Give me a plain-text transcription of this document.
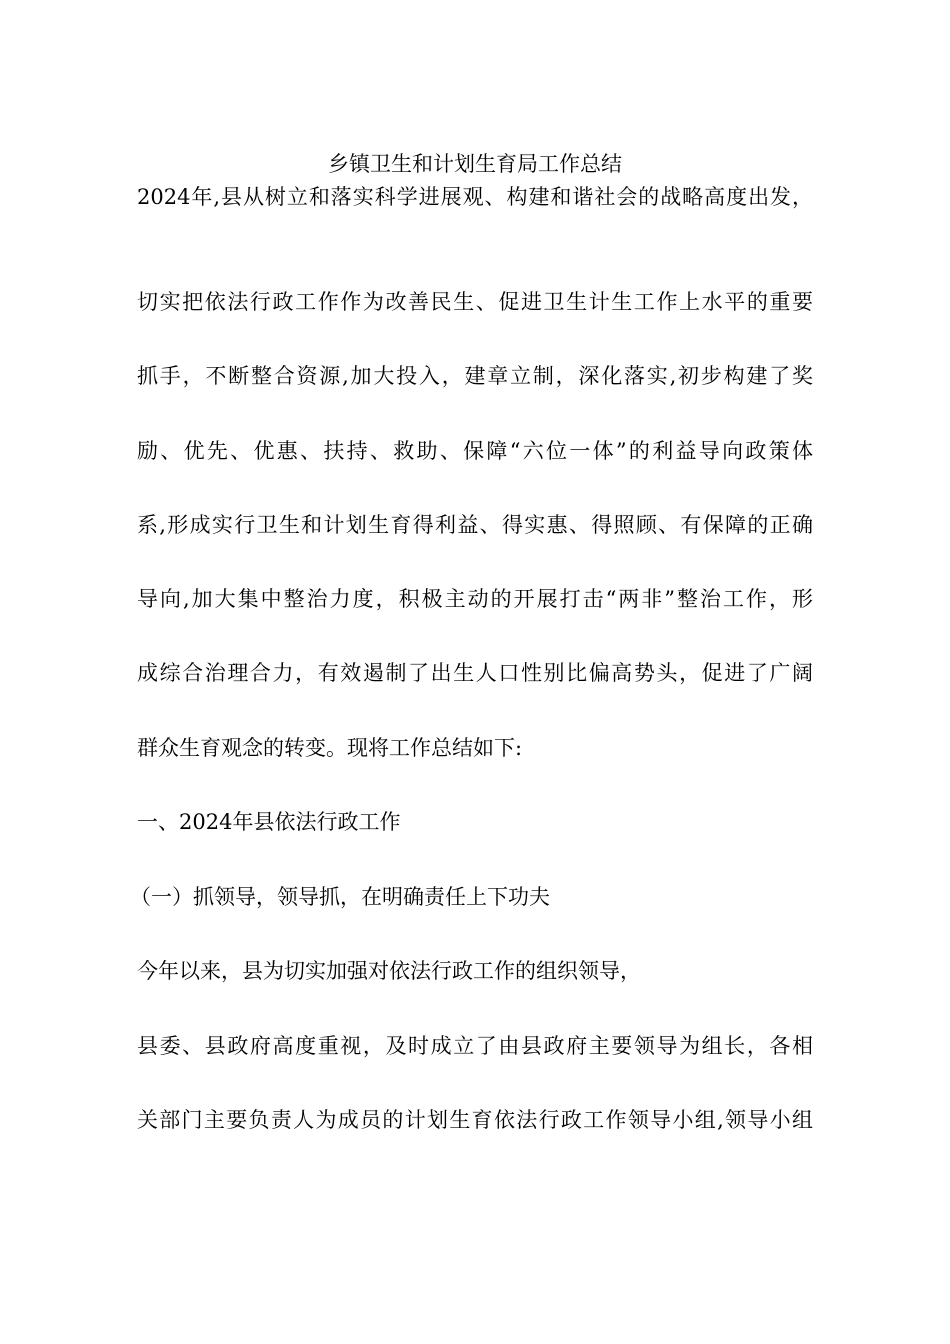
乡镇卫生和计划生育局工作总结
2024年,县从树立和落实科学进展观、构建和谐社会的战略高度出发，
切实把依法行政工作作为改善民生、促进卫生计生工作上水平的重要
抓手，不断整合资源,加大投入，建章立制，深化落实,初步构建了奖
励、优先、优惠、扶持、救助、保障“六位一体”的利益导向政策体
系,形成实行卫生和计划生育得利益、得实惠、得照顾、有保障的正确
导向,加大集中整治力度，积极主动的开展打击“两非”整治工作，形
成综合治理合力，有效遏制了出生人口性别比偏高势头，促进了广阔
群众生育观念的转变。现将工作总结如下:
一、2024年县依法行政工作
（一）抓领导，领导抓，在明确责任上下功夫
今年以来，县为切实加强对依法行政工作的组织领导，
县委、县政府高度重视，及时成立了由县政府主要领导为组长，各相
关部门主要负责人为成员的计划生育依法行政工作领导小组,领导小组
